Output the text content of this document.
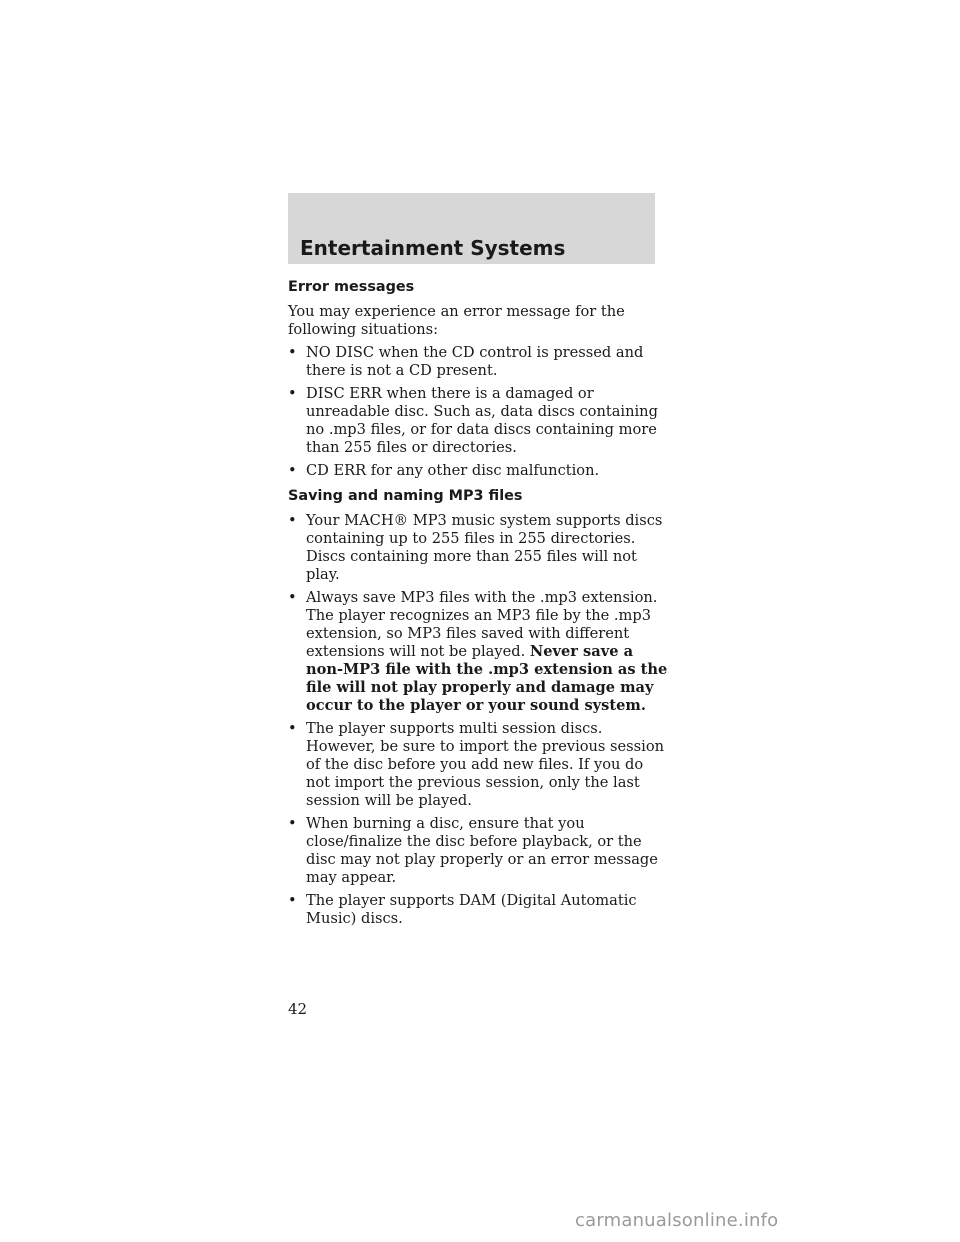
Entertainment Systems
Error messages
You may experience an error message for the following situations:
• NO DISC when the CD control is pressed and there is not a CD present.
• DISC ERR when there is a damaged or unreadable disc. Such as, data discs containing no .mp3 files, or for data discs containing more than 255 files or directories.
• CD ERR for any other disc malfunction.
Saving and naming MP3 files
• Your MACH® MP3 music system supports discs containing up to 255 files in 255 directories. Discs containing more than 255 files will not play.
• Always save MP3 files with the .mp3 extension. The player recognizes an MP3 file by the .mp3 extension, so MP3 files saved with different extensions will not be played. Never save a non-MP3 file with the .mp3 extension as the file will not play properly and damage may occur to the player or your sound system.
• The player supports multi session discs. However, be sure to import the previous session of the disc before you add new files. If you do not import the previous session, only the last session will be played.
• When burning a disc, ensure that you close/finalize the disc before playback, or the disc may not play properly or an error message may appear.
• The player supports DAM (Digital Automatic Music) discs.
42
carmanualsonline.info
